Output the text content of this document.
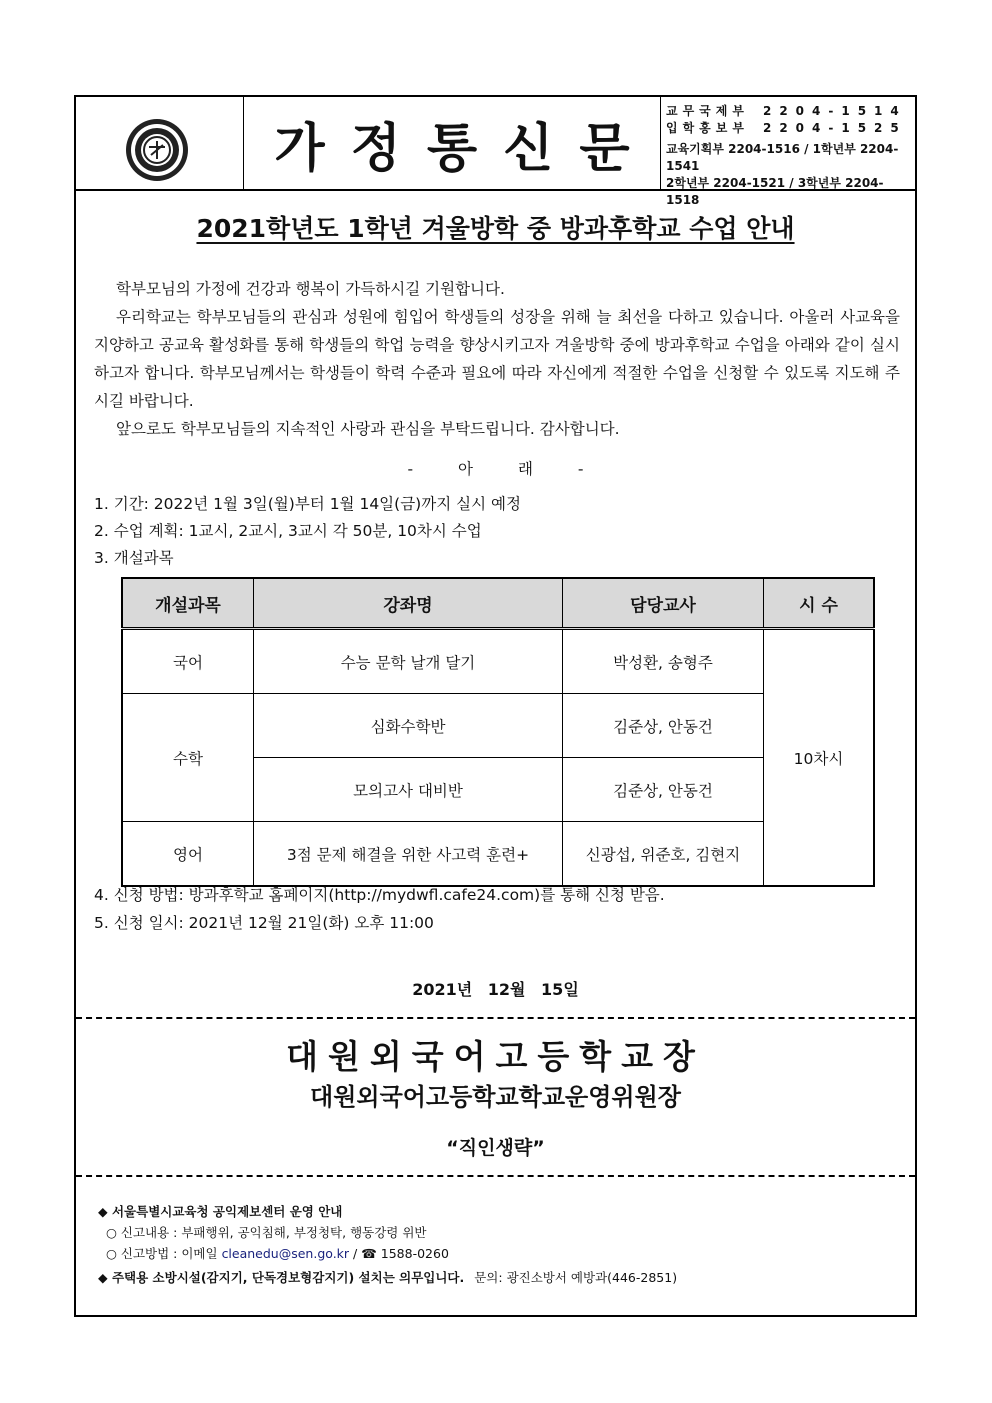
가정통신문
교무국제부 2204-1514
입학홍보부 2204-1525
교육기획부 2204-1516 / 1학년부 2204-1541
2학년부 2204-1521 / 3학년부 2204-1518
2021학년도 1학년 겨울방학 중 방과후학교 수업 안내

학부모님의 가정에 건강과 행복이 가득하시길 기원합니다.

우리학교는 학부모님들의 관심과 성원에 힘입어 학생들의 성장을 위해 늘 최선을 다하고 있습니다. 아울러 사교육을 지양하고 공교육 활성화를 통해 학생들의 학업 능력을 향상시키고자 겨울방학 중에 방과후학교 수업을 아래와 같이 실시하고자 합니다. 학부모님께서는 학생들이 학력 수준과 필요에 따라 자신에게 적절한 수업을 신청할 수 있도록 지도해 주시길 바랍니다.

앞으로도 학부모님들의 지속적인 사랑과 관심을 부탁드립니다. 감사합니다.

- 아 래 -
1. 기간: 2022년 1월 3일(월)부터 1월 14일(금)까지 실시 예정
2. 수업 계획: 1교시, 2교시, 3교시 각 50분, 10차시 수업
3. 개설과목
개설과목	강좌명	담당교사	시 수
국어	수능 문학 날개 달기	박성환, 송형주	10차시
수학	심화수학반	김준상, 안동건	
	모의고사 대비반	김준상, 안동건	
영어	3점 문제 해결을 위한 사고력 훈련+	신광섭, 위준호, 김현지	
4. 신청 방법: 방과후학교 홈페이지(http://mydwfl.cafe24.com)를 통해 신청 받음.
5. 신청 일시: 2021년 12월 21일(화) 오후 11:00
2021년 12월 15일
대원외국어고등학교장
대원외국어고등학교학교운영위원장
“직인생략”
◆ 서울특별시교육청 공익제보센터 운영 안내
○ 신고내용 : 부패행위, 공익침해, 부정청탁, 행동강령 위반
○ 신고방법 : 이메일 cleanedu@sen.go.kr / ☎ 1588-0260
◆ 주택용 소방시설(감지기, 단독경보형감지기) 설치는 의무입니다. 문의: 광진소방서 예방과(446-2851)
